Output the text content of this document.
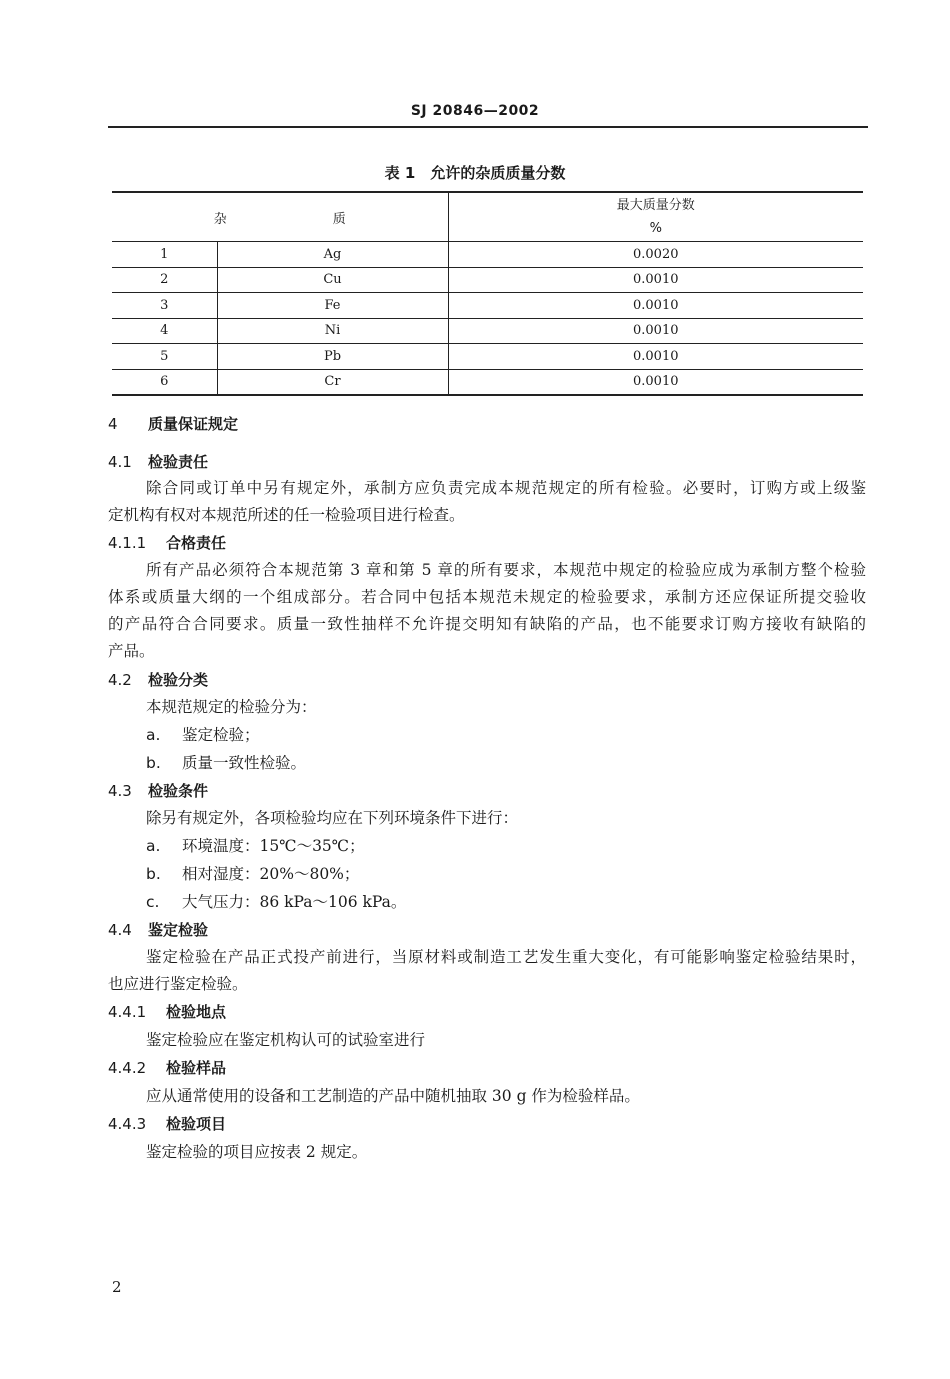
SJ 20846—2002
表 1　允许的杂质质量分数
杂 质		最大质量分数
%

1	Ag	0.0020
2	Cu	0.0010
3	Fe	0.0010
4	Ni	0.0010
5	Pb	0.0010
6	Cr	0.0010
4 质量保证规定
4.1 检验责任
除合同或订单中另有规定外，承制方应负责完成本规范规定的所有检验。必要时，订购方或上级鉴
定机构有权对本规范所述的任一检验项目进行检查。
4.1.1 合格责任
所有产品必须符合本规范第 3 章和第 5 章的所有要求，本规范中规定的检验应成为承制方整个检验
体系或质量大纲的一个组成部分。若合同中包括本规范未规定的检验要求，承制方还应保证所提交验收
的产品符合合同要求。质量一致性抽样不允许提交明知有缺陷的产品，也不能要求订购方接收有缺陷的
产品。
4.2 检验分类
本规范规定的检验分为：
a. 鉴定检验；
b. 质量一致性检验。
4.3 检验条件
除另有规定外，各项检验均应在下列环境条件下进行：
a. 环境温度：15℃～35℃；
b. 相对湿度：20%～80%；
c. 大气压力：86 kPa～106 kPa。
4.4 鉴定检验
鉴定检验在产品正式投产前进行，当原材料或制造工艺发生重大变化，有可能影响鉴定检验结果时，
也应进行鉴定检验。
4.4.1 检验地点
鉴定检验应在鉴定机构认可的试验室进行
4.4.2 检验样品
应从通常使用的设备和工艺制造的产品中随机抽取 30 g 作为检验样品。
4.4.3 检验项目
鉴定检验的项目应按表 2 规定。
2
